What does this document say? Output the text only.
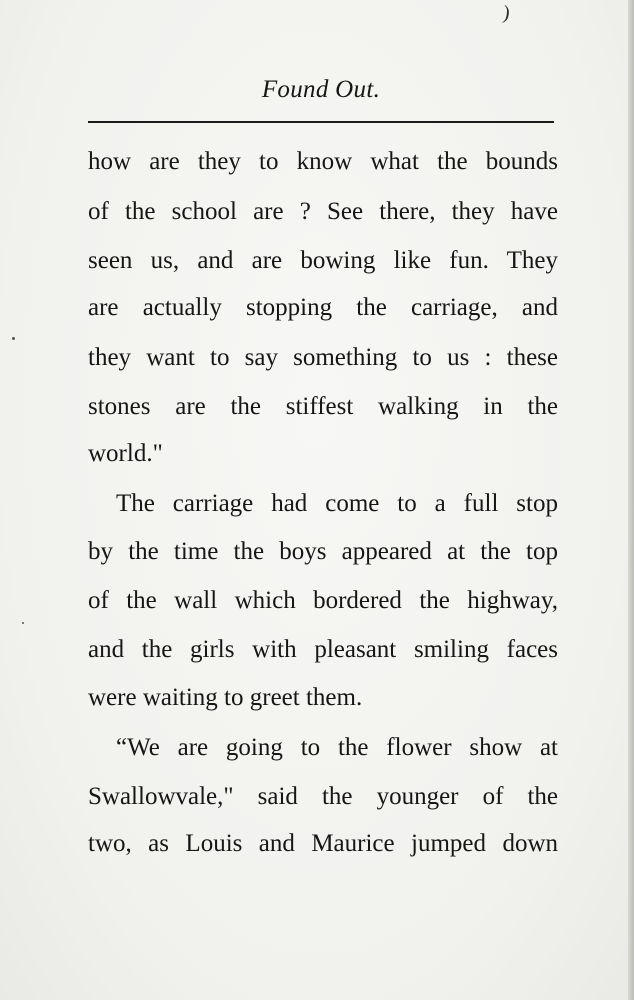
)
Found Out.
how are they to know what the bounds
of the school are ? See there, they have
seen us, and are bowing like fun. They
are actually stopping the carriage, and
they want to say something to us : these
stones are the stiffest walking in the
world."
The carriage had come to a full stop
by the time the boys appeared at the top
of the wall which bordered the highway,
and the girls with pleasant smiling faces
were waiting to greet them.
“We are going to the flower show at
Swallowvale," said the younger of the
two, as Louis and Maurice jumped down
